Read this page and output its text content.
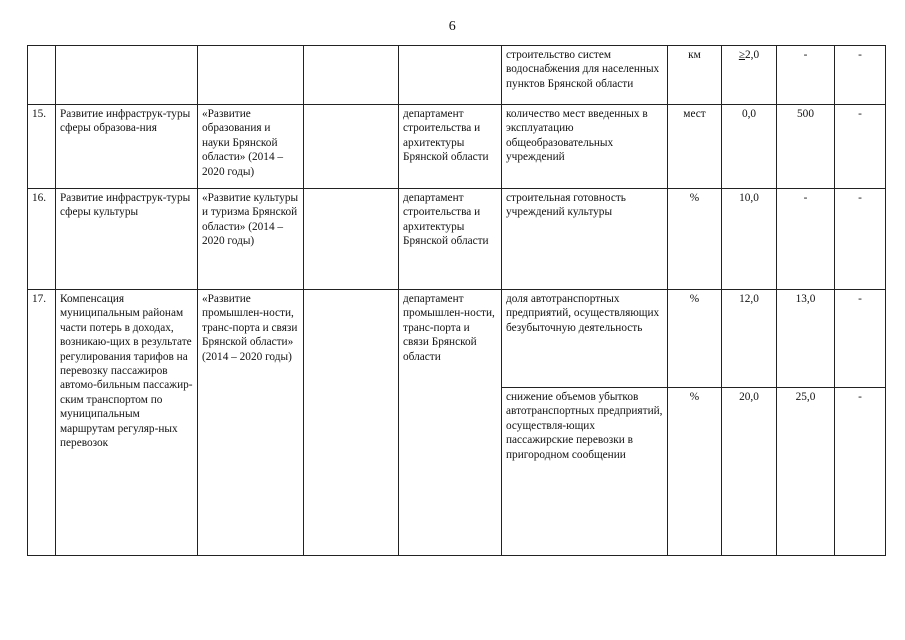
6
					строительство систем водоснабжения для населенных пунктов Брянской области	км	≥2,0	-	-
15.	Развитие инфраструк-туры сферы образова-ния	«Развитие образования и науки Брянской области» (2014 – 2020 годы)		департамент строительства и архитектуры Брянской области	количество мест введенных в эксплуатацию общеобразовательных учреждений	мест	0,0	500	-
16.	Развитие инфраструк-туры сферы культуры	«Развитие культуры и туризма Брянской области» (2014 – 2020 годы)		департамент строительства и архитектуры Брянской области	строительная готовность учреждений культуры	%	10,0	-	-
17.	Компенсация муниципальным районам части потерь в доходах, возникаю-щих в результате регулирования тарифов на перевозку пассажиров автомо-бильным пассажир-ским транспортом по муниципальным маршрутам регуляр-ных перевозок	«Развитие промышлен-ности, транс-порта и связи Брянской области» (2014 – 2020 годы)		департамент промышлен-ности, транс-порта и связи Брянской области	доля автотранспортных предприятий, осуществляющих безубыточную деятельность	%	12,0	13,0	-
					снижение объемов убытков автотранспортных предприятий, осуществля-ющих пассажирские перевозки в пригородном сообщении	%	20,0	25,0	-
